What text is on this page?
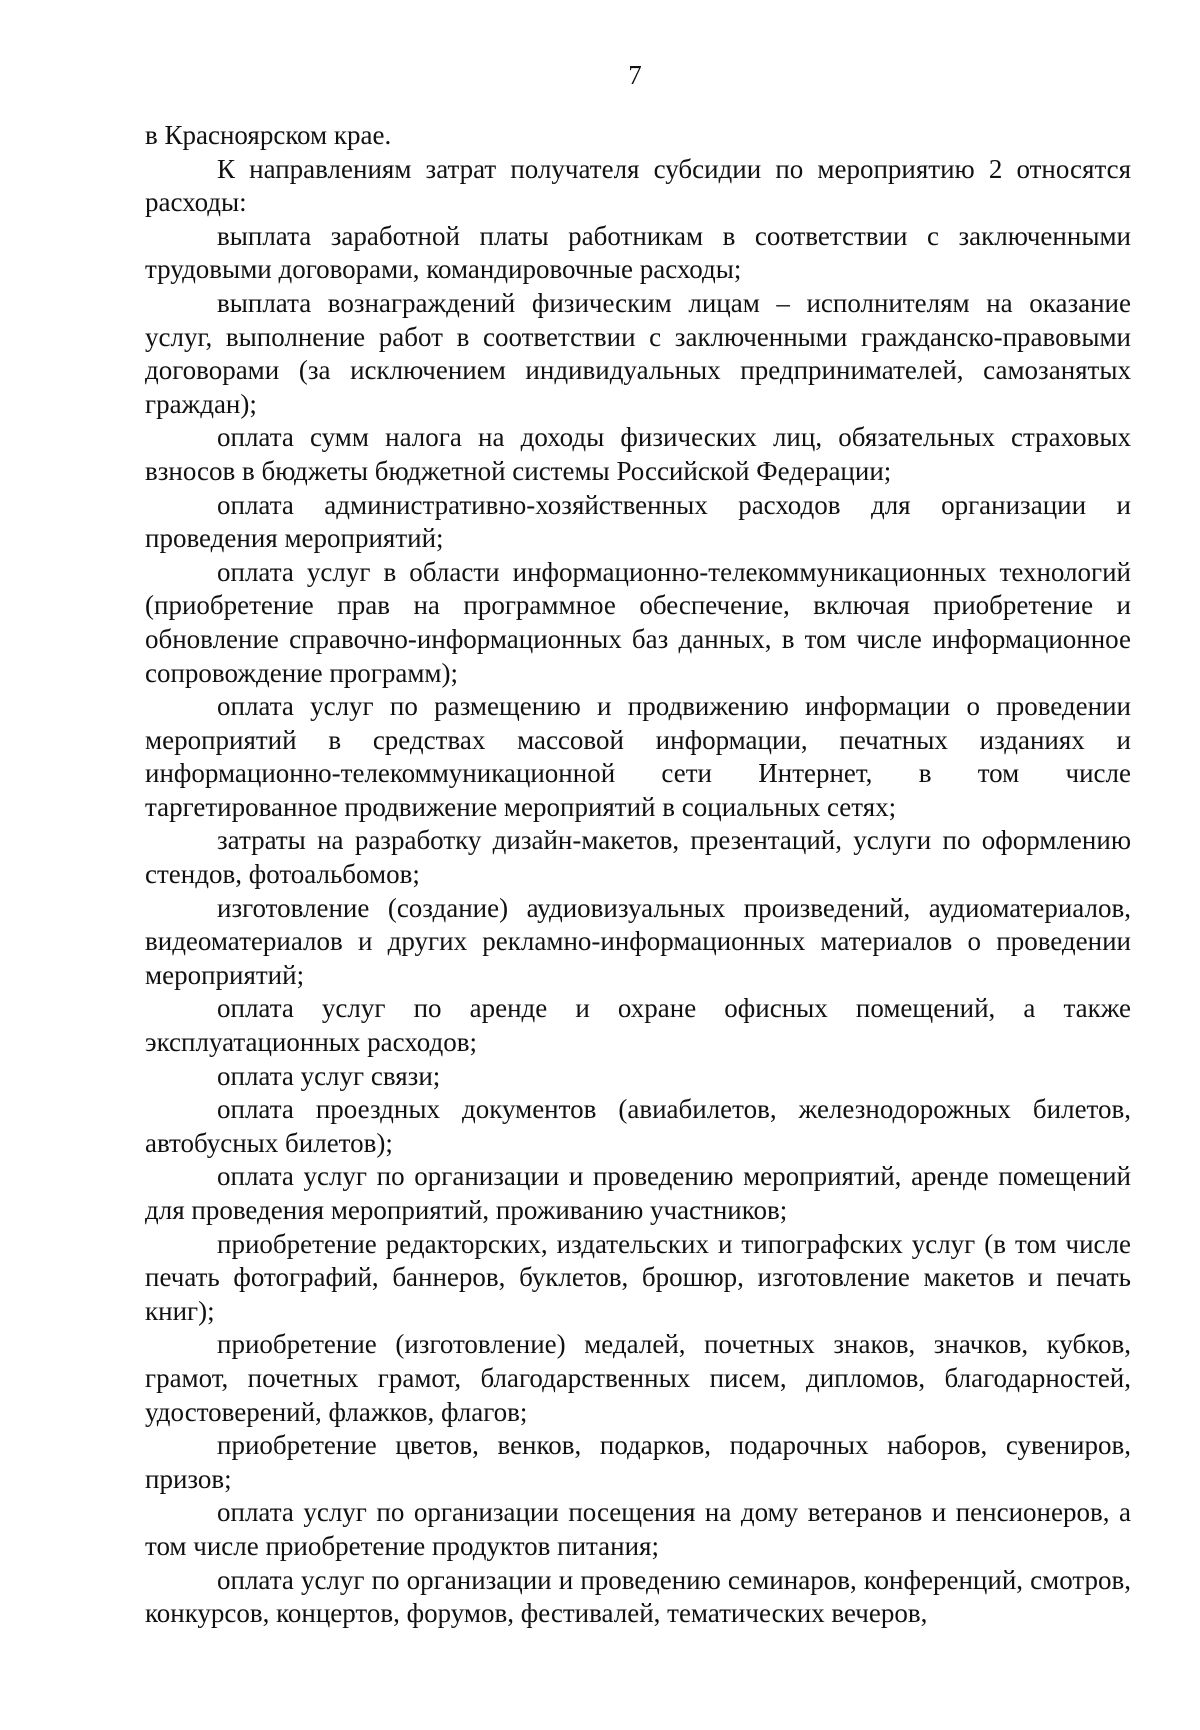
7

в Красноярском крае.

К направлениям затрат получателя субсидии по мероприятию 2 относятся расходы:

выплата заработной платы работникам в соответствии с заключенными трудовыми договорами, командировочные расходы;

выплата вознаграждений физическим лицам – исполнителям на оказание услуг, выполнение работ в соответствии с заключенными гражданско-правовыми договорами (за исключением индивидуальных предпринимателей, самозанятых граждан);

оплата сумм налога на доходы физических лиц, обязательных страховых взносов в бюджеты бюджетной системы Российской Федерации;

оплата административно-хозяйственных расходов для организации и проведения мероприятий;

оплата услуг в области информационно-телекоммуникационных технологий (приобретение прав на программное обеспечение, включая приобретение и обновление справочно-информационных баз данных, в том числе информационное сопровождение программ);

оплата услуг по размещению и продвижению информации о проведении мероприятий в средствах массовой информации, печатных изданиях и информационно-телекоммуникационной сети Интернет, в том числе таргетированное продвижение мероприятий в социальных сетях;

затраты на разработку дизайн-макетов, презентаций, услуги по оформлению стендов, фотоальбомов;

изготовление (создание) аудиовизуальных произведений, аудиоматериалов, видеоматериалов и других рекламно-информационных материалов о проведении мероприятий;

оплата услуг по аренде и охране офисных помещений, а также эксплуатационных расходов;

оплата услуг связи;

оплата проездных документов (авиабилетов, железнодорожных билетов, автобусных билетов);

оплата услуг по организации и проведению мероприятий, аренде помещений для проведения мероприятий, проживанию участников;

приобретение редакторских, издательских и типографских услуг (в том числе печать фотографий, баннеров, буклетов, брошюр, изготовление макетов и печать книг);

приобретение (изготовление) медалей, почетных знаков, значков, кубков, грамот, почетных грамот, благодарственных писем, дипломов, благодарностей, удостоверений, флажков, флагов;

приобретение цветов, венков, подарков, подарочных наборов, сувениров, призов;

оплата услуг по организации посещения на дому ветеранов и пенсионеров, а том числе приобретение продуктов питания;

оплата услуг по организации и проведению семинаров, конференций, смотров, конкурсов, концертов, форумов, фестивалей, тематических вечеров,
